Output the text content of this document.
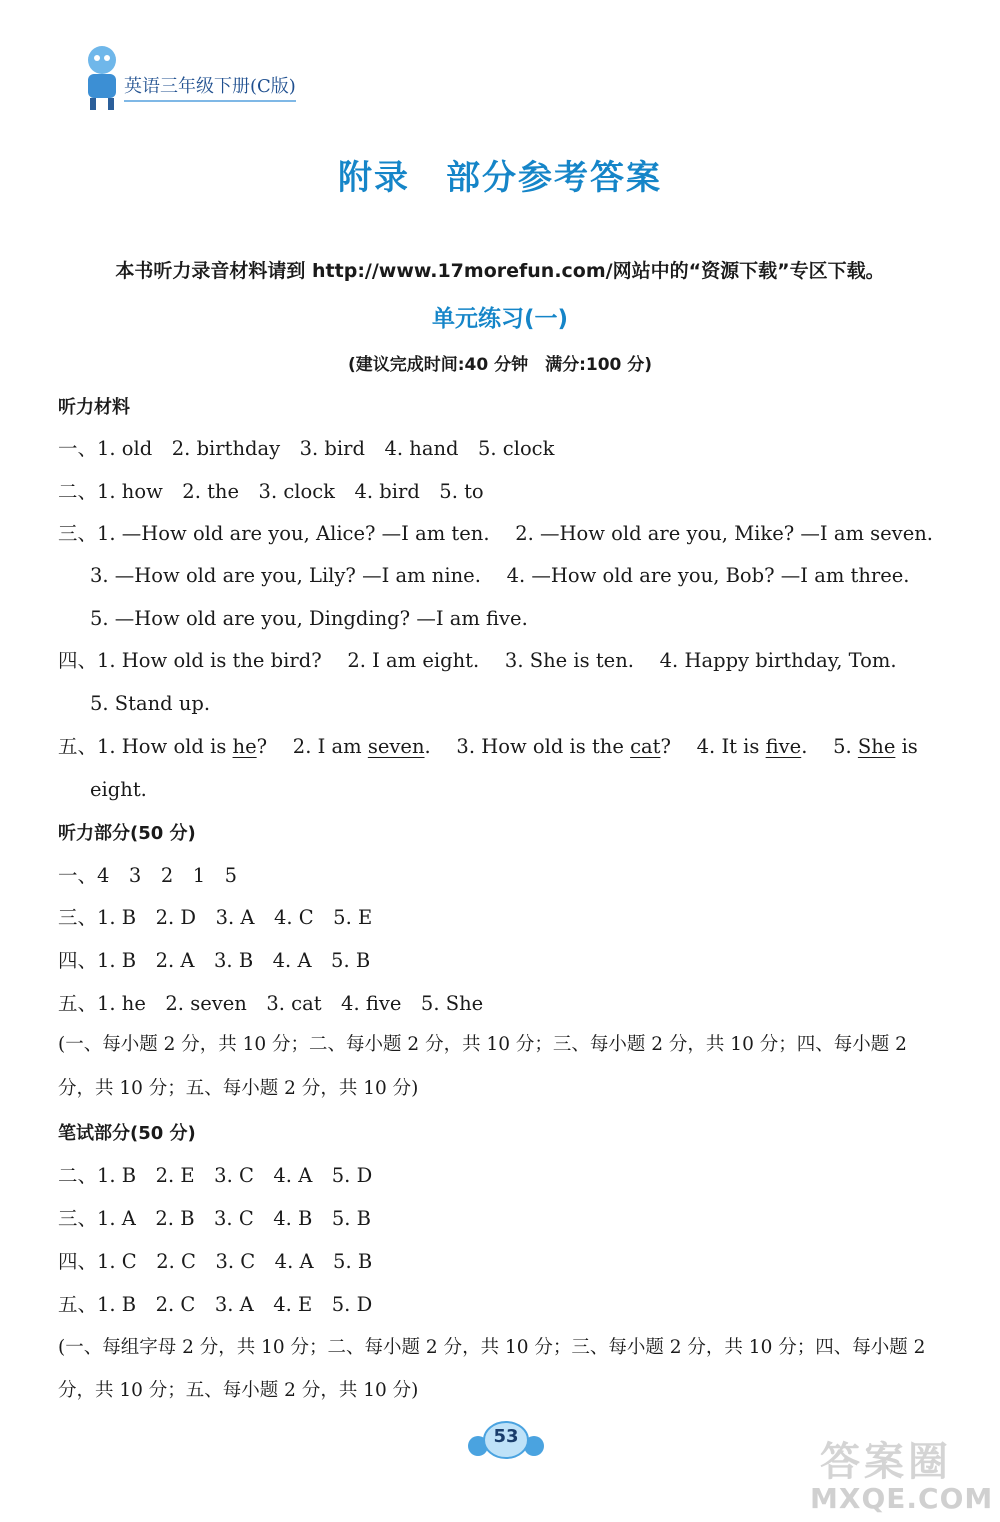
英语三年级下册(C版)
附录　部分参考答案
本书听力录音材料请到 http://www.17morefun.com/网站中的“资源下载”专区下载。
单元练习(一)
(建议完成时间:40 分钟　满分:100 分)
听力材料
一、1. old　2. birthday　3. bird　4. hand　5. clock
二、1. how　2. the　3. clock　4. bird　5. to
三、1. —How old are you, Alice? —I am ten.　 2. —How old are you, Mike? —I am seven.
3. —How old are you, Lily? —I am nine.　 4. —How old are you, Bob? —I am three.
5. —How old are you, Dingding? —I am five.
四、1. How old is the bird?　 2. I am eight.　 3. She is ten.　 4. Happy birthday, Tom.
5. Stand up.
五、1. How old is he?　 2. I am seven.　 3. How old is the cat?　 4. It is five.　 5. She is
eight.
听力部分(50 分)
一、4　3　2　1　5
三、1. B　2. D　3. A　4. C　5. E
四、1. B　2. A　3. B　4. A　5. B
五、1. he　2. seven　3. cat　4. five　5. She
(一、每小题 2 分，共 10 分；二、每小题 2 分，共 10 分；三、每小题 2 分，共 10 分；四、每小题 2
分，共 10 分；五、每小题 2 分，共 10 分)
笔试部分(50 分)
二、1. B　2. E　3. C　4. A　5. D
三、1. A　2. B　3. C　4. B　5. B
四、1. C　2. C　3. C　4. A　5. B
五、1. B　2. C　3. A　4. E　5. D
(一、每组字母 2 分，共 10 分；二、每小题 2 分，共 10 分；三、每小题 2 分，共 10 分；四、每小题 2
分，共 10 分；五、每小题 2 分，共 10 分)
53
答案圈
MXQE.COM
